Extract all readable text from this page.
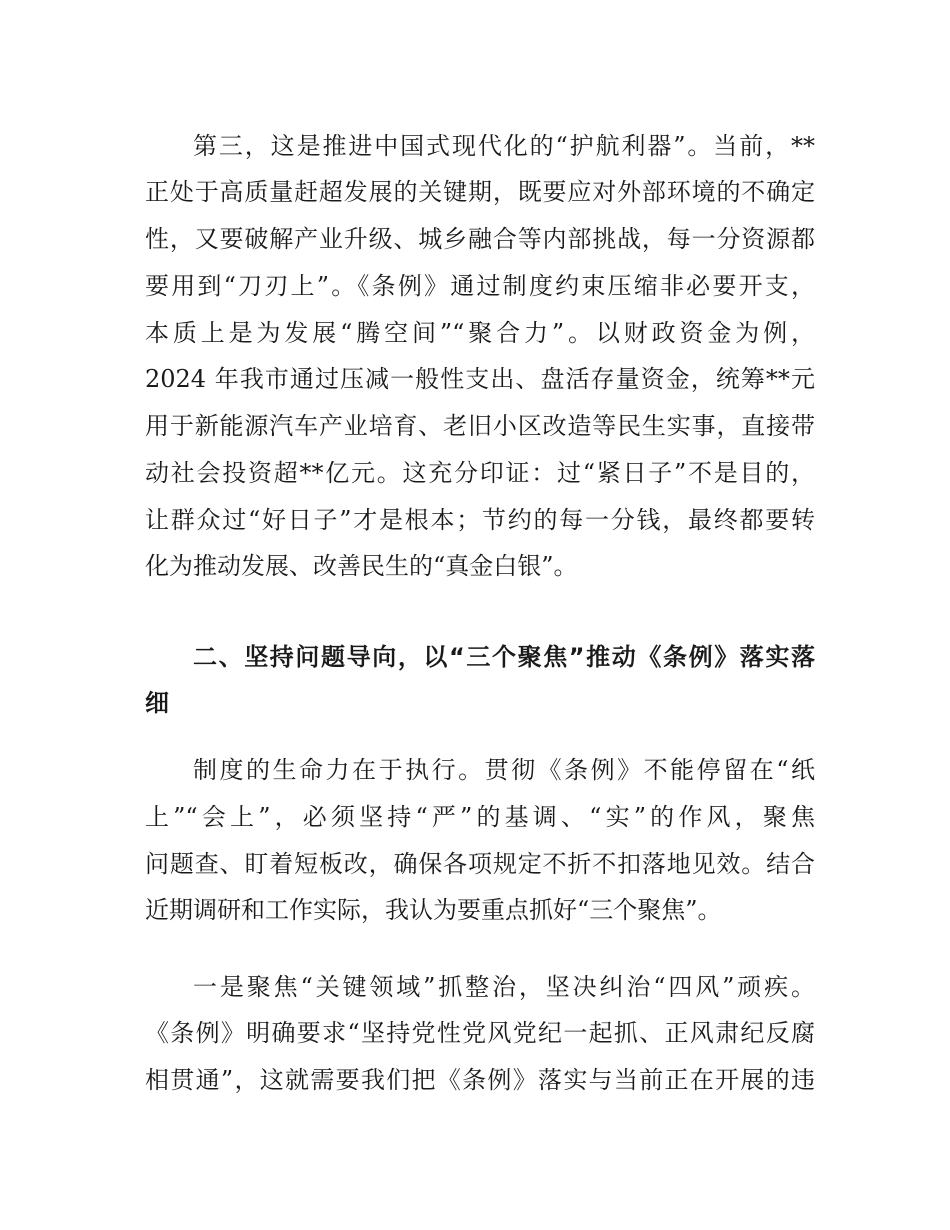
第三，这是推进中国式现代化的“护航利器”。当前，**
正处于高质量赶超发展的关键期，既要应对外部环境的不确定
性，又要破解产业升级、城乡融合等内部挑战，每一分资源都
要用到“刀刃上”。《条例》通过制度约束压缩非必要开支，
本质上是为发展“腾空间”“聚合力”。以财政资金为例，
2024 年我市通过压减一般性支出、盘活存量资金，统筹**元
用于新能源汽车产业培育、老旧小区改造等民生实事，直接带
动社会投资超**亿元。这充分印证：过“紧日子”不是目的，
让群众过“好日子”才是根本；节约的每一分钱，最终都要转
化为推动发展、改善民生的“真金白银”。
二、坚持问题导向，以“三个聚焦”推动《条例》落实落
细
制度的生命力在于执行。贯彻《条例》不能停留在“纸
上”“会上”，必须坚持“严”的基调、“实”的作风，聚焦
问题查、盯着短板改，确保各项规定不折不扣落地见效。结合
近期调研和工作实际，我认为要重点抓好“三个聚焦”。
一是聚焦“关键领域”抓整治，坚决纠治“四风”顽疾。
《条例》明确要求“坚持党性党风党纪一起抓、正风肃纪反腐
相贯通”，这就需要我们把《条例》落实与当前正在开展的违
